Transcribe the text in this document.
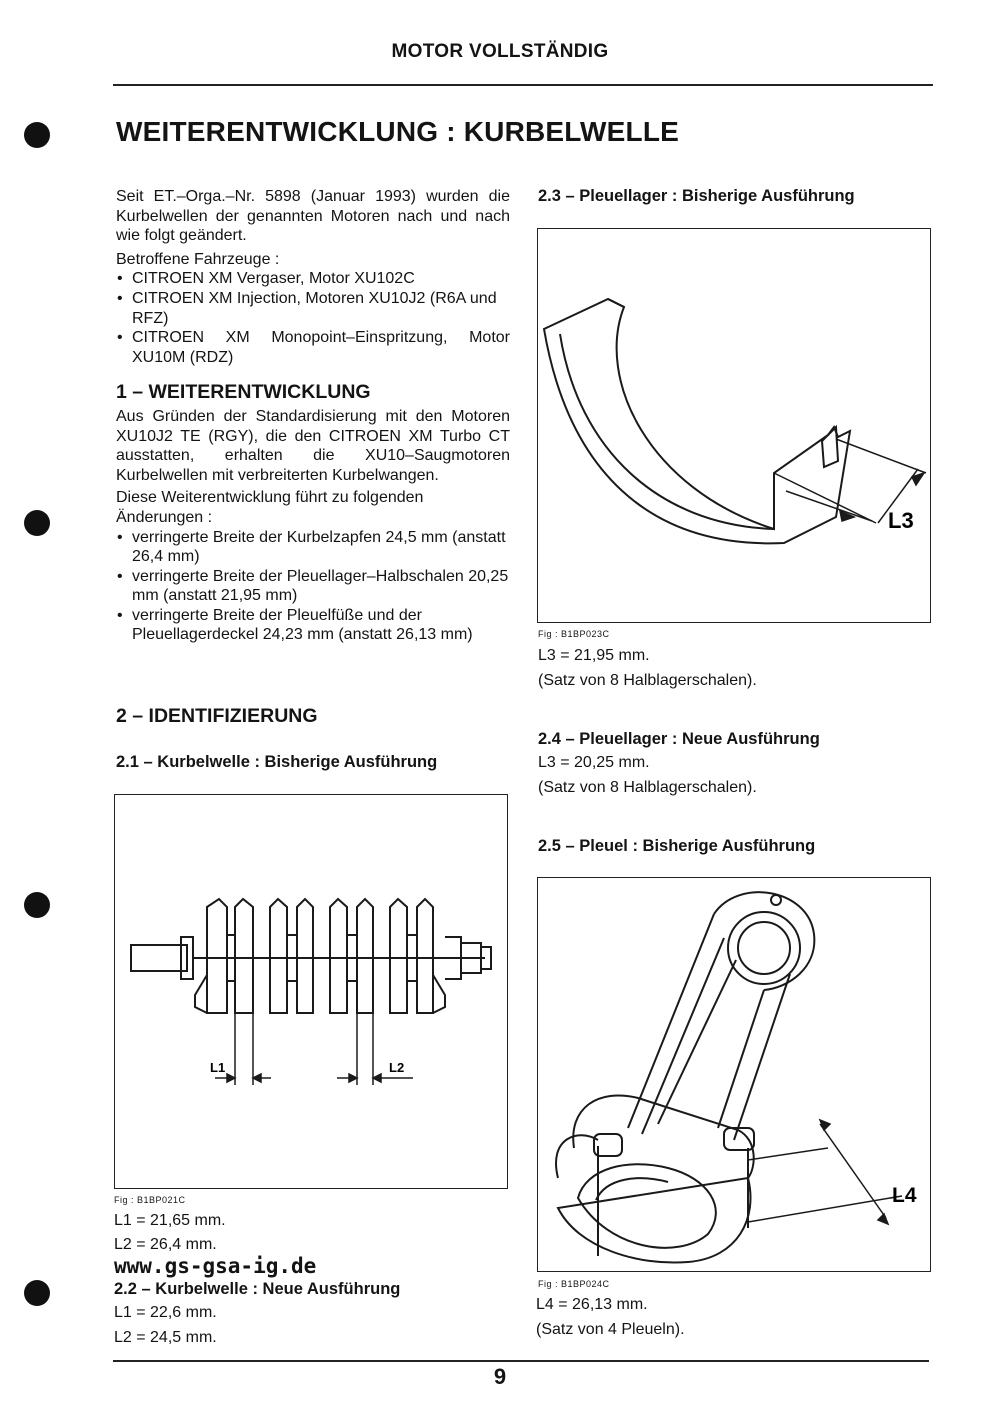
MOTOR VOLLSTÄNDIG
WEITERENTWICKLUNG : KURBELWELLE

Seit ET.–Orga.–Nr. 5898 (Januar 1993) wurden die Kurbelwellen der genannten Motoren nach und nach wie folgt geändert.

Betroffene Fahrzeuge :

• CITROEN XM Vergaser, Motor XU102C
• CITROEN XM Injection, Motoren XU10J2 (R6A und RFZ)
• CITROEN XM Monopoint–Einspritzung, Motor XU10M (RDZ)
1 – WEITERENTWICKLUNG

Aus Gründen der Standardisierung mit den Motoren XU10J2 TE (RGY), die den CITROEN XM Turbo CT ausstatten, erhalten die XU10–Saugmotoren Kurbelwellen mit verbreiterten Kurbelwangen.

Diese Weiterentwicklung führt zu folgenden Änderungen :

• verringerte Breite der Kurbelzapfen 24,5 mm (anstatt 26,4 mm)
• verringerte Breite der Pleuellager–Halbschalen 20,25 mm (anstatt 21,95 mm)
• verringerte Breite der Pleuelfüße und der Pleuellagerdeckel 24,23 mm (anstatt 26,13 mm)
2 – IDENTIFIZIERUNG
2.1 – Kurbelwelle : Bisherige Ausführung
L1	L2
Fig : B1BP021C
L1 = 21,65 mm.
L2 = 26,4 mm.
www.gs-gsa-ig.de
2.2 – Kurbelwelle : Neue Ausführung
L1 = 22,6 mm.
L2 = 24,5 mm.
2.3 – Pleuellager : Bisherige Ausführung
L3
Fig : B1BP023C
L3 = 21,95 mm.
(Satz von 8 Halblagerschalen).
2.4 – Pleuellager : Neue Ausführung
L3 = 20,25 mm.
(Satz von 8 Halblagerschalen).
2.5 – Pleuel : Bisherige Ausführung
L4
Fig : B1BP024C
L4 = 26,13 mm.
(Satz von 4 Pleueln).
9
